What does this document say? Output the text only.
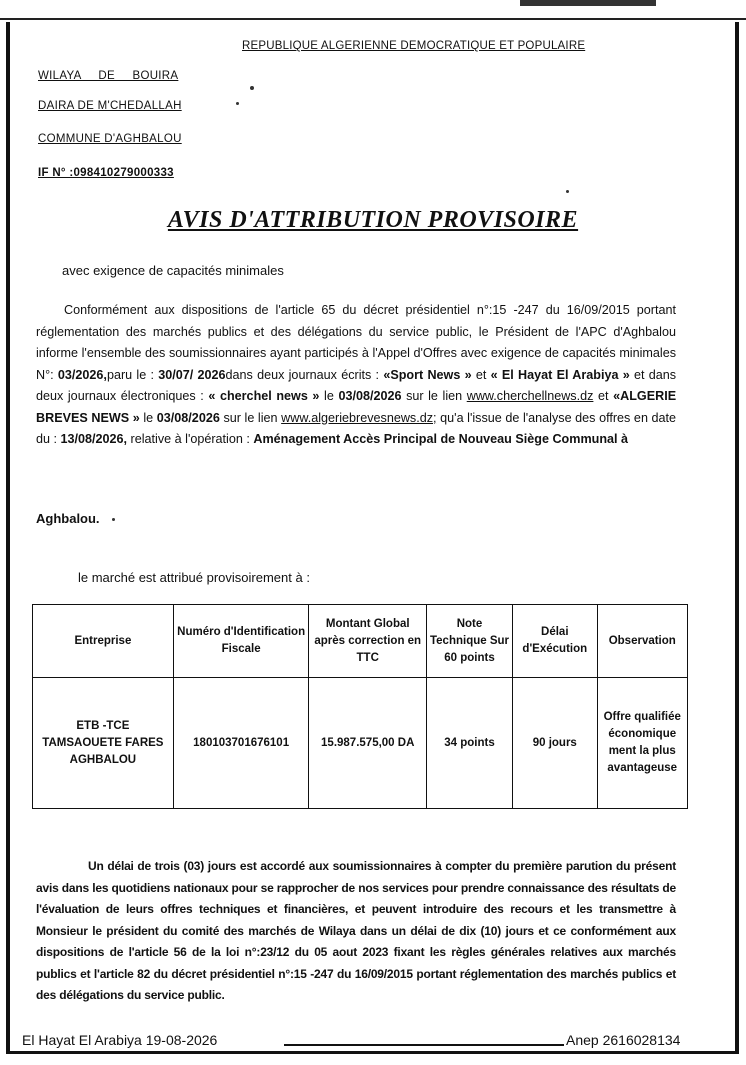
REPUBLIQUE ALGERIENNE DEMOCRATIQUE ET POPULAIRE
WILAYA DE BOUIRA
DAIRA DE M'CHEDALLAH
COMMUNE D'AGHBALOU
IF N° :098410279000333
AVIS D'ATTRIBUTION PROVISOIRE
avec exigence de capacités minimales
Conformément aux dispositions de l'article 65 du décret présidentiel n°:15 -247 du 16/09/2015 portant réglementation des marchés publics et des délégations du service public, le Président de l'APC d'Aghbalou informe l'ensemble des soumissionnaires ayant participés à l'Appel d'Offres avec exigence de capacités minimales N°: 03/2026,paru le : 30/07/ 2026dans deux journaux écrits : «Sport News » et « El Hayat El Arabiya » et dans deux journaux électroniques : « cherchel news » le 03/08/2026 sur le lien www.cherchellnews.dz et «ALGERIE BREVES NEWS » le 03/08/2026 sur le lien www.algeriebrevesnews.dz; qu'a l'issue de l'analyse des offres en date du : 13/08/2026, relative à l'opération : Aménagement Accès Principal de Nouveau Siège Communal à
Aghbalou.
le marché est attribué provisoirement à :
Entreprise	Numéro d'Identification Fiscale	Montant Global après correction en TTC	Note Technique Sur 60 points	Délai d'Exécution	Observation
ETB -TCE TAMSAOUETE FARES AGHBALOU	180103701676101	15.987.575,00 DA	34 points	90 jours	Offre qualifiée économique ment la plus avantageuse
Un délai de trois (03) jours est accordé aux soumissionnaires à compter du première parution du présent avis dans les quotidiens nationaux pour se rapprocher de nos services pour prendre connaissance des résultats de l'évaluation de leurs offres techniques et financières, et peuvent introduire des recours et les transmettre à Monsieur le président du comité des marchés de Wilaya dans un délai de dix (10) jours et ce conformément aux dispositions de l'article 56 de la loi n°:23/12 du 05 aout 2023 fixant les règles générales relatives aux marchés publics et l'article 82 du décret présidentiel n°:15 -247 du 16/09/2015 portant réglementation des marchés publics et des délégations du service public.
El Hayat El Arabiya 19-08-2026	Anep 2616028134
